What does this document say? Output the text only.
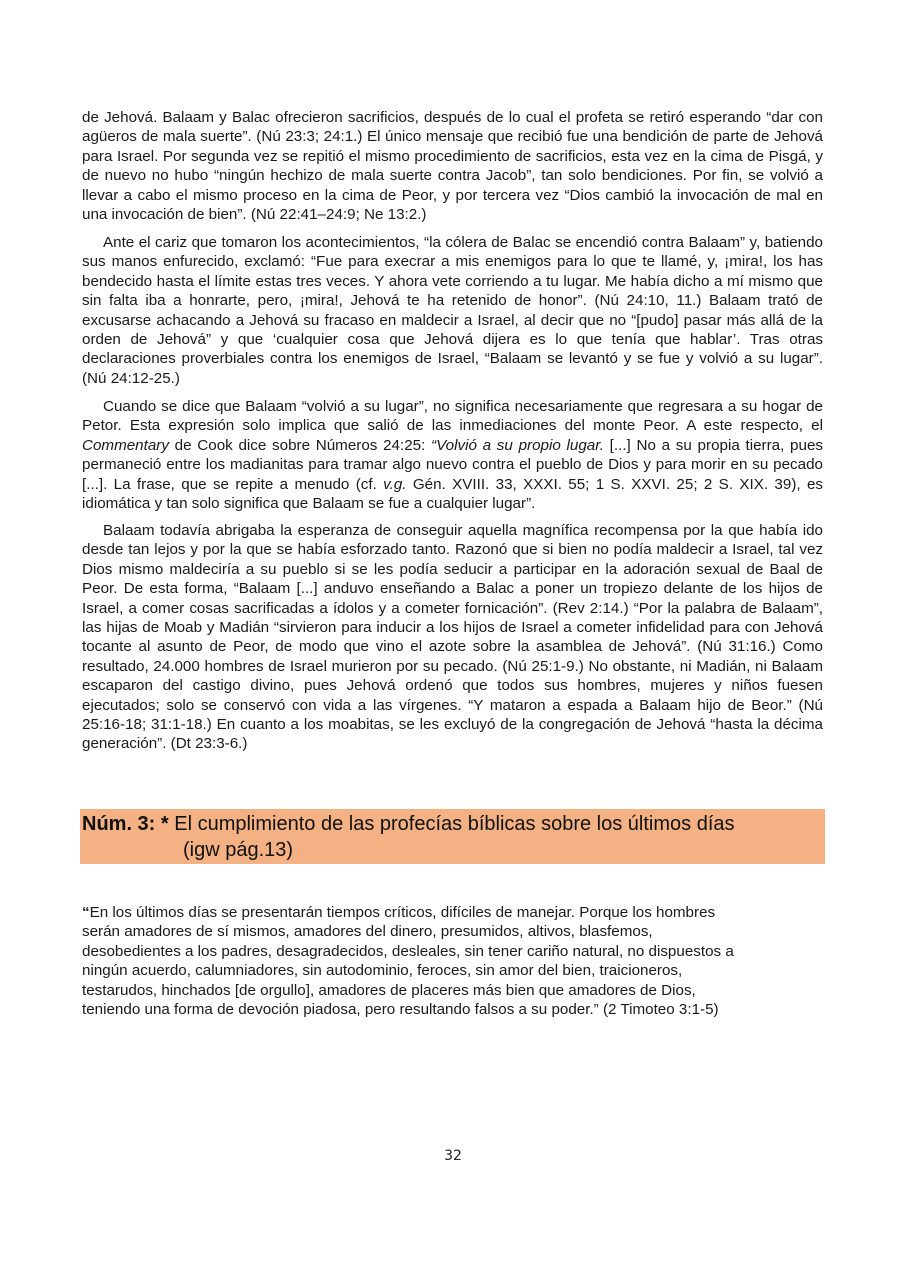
de Jehová. Balaam y Balac ofrecieron sacrificios, después de lo cual el profeta se retiró esperando “dar con agüeros de mala suerte”. (Nú 23:3; 24:1.) El único mensaje que recibió fue una bendición de parte de Jehová para Israel. Por segunda vez se repitió el mismo procedimiento de sacrificios, esta vez en la cima de Pisgá, y de nuevo no hubo “ningún hechizo de mala suerte contra Jacob”, tan solo bendiciones. Por fin, se volvió a llevar a cabo el mismo proceso en la cima de Peor, y por tercera vez “Dios cambió la invocación de mal en una invocación de bien”. (Nú 22:41–24:9; Ne 13:2.)

Ante el cariz que tomaron los acontecimientos, “la cólera de Balac se encendió contra Balaam” y, batiendo sus manos enfurecido, exclamó: “Fue para execrar a mis enemigos para lo que te llamé, y, ¡mira!, los has bendecido hasta el límite estas tres veces. Y ahora vete corriendo a tu lugar. Me había dicho a mí mismo que sin falta iba a honrarte, pero, ¡mira!, Jehová te ha retenido de honor”. (Nú 24:10, 11.) Balaam trató de excusarse achacando a Jehová su fracaso en maldecir a Israel, al decir que no “[pudo] pasar más allá de la orden de Jehová” y que ‘cualquier cosa que Jehová dijera es lo que tenía que hablar’. Tras otras declaraciones proverbiales contra los enemigos de Israel, “Balaam se levantó y se fue y volvió a su lugar”. (Nú 24:12-25.)

Cuando se dice que Balaam “volvió a su lugar”, no significa necesariamente que regresara a su hogar de Petor. Esta expresión solo implica que salió de las inmediaciones del monte Peor. A este respecto, el Commentary de Cook dice sobre Números 24:25: “Volvió a su propio lugar. [...] No a su propia tierra, pues permaneció entre los madianitas para tramar algo nuevo contra el pueblo de Dios y para morir en su pecado [...]. La frase, que se repite a menudo (cf. v.g. Gén. XVIII. 33, XXXI. 55; 1 S. XXVI. 25; 2 S. XIX. 39), es idiomática y tan solo significa que Balaam se fue a cualquier lugar”.

Balaam todavía abrigaba la esperanza de conseguir aquella magnífica recompensa por la que había ido desde tan lejos y por la que se había esforzado tanto. Razonó que si bien no podía maldecir a Israel, tal vez Dios mismo maldeciría a su pueblo si se les podía seducir a participar en la adoración sexual de Baal de Peor. De esta forma, “Balaam [...] anduvo enseñando a Balac a poner un tropiezo delante de los hijos de Israel, a comer cosas sacrificadas a ídolos y a cometer fornicación”. (Rev 2:14.) “Por la palabra de Balaam”, las hijas de Moab y Madián “sirvieron para inducir a los hijos de Israel a cometer infidelidad para con Jehová tocante al asunto de Peor, de modo que vino el azote sobre la asamblea de Jehová”. (Nú 31:16.) Como resultado, 24.000 hombres de Israel murieron por su pecado. (Nú 25:1-9.) No obstante, ni Madián, ni Balaam escaparon del castigo divino, pues Jehová ordenó que todos sus hombres, mujeres y niños fuesen ejecutados; solo se conservó con vida a las vírgenes. “Y mataron a espada a Balaam hijo de Beor.” (Nú 25:16-18; 31:1-18.) En cuanto a los moabitas, se les excluyó de la congregación de Jehová “hasta la décima generación”. (Dt 23:3-6.)

Núm. 3: * El cumplimiento de las profecías bíblicas sobre los últimos días
(igw pág.13)
“En los últimos días se presentarán tiempos críticos, difíciles de manejar. Porque los hombres
serán amadores de sí mismos, amadores del dinero, presumidos, altivos, blasfemos,
desobedientes a los padres, desagradecidos, desleales, sin tener cariño natural, no dispuestos a
ningún acuerdo, calumniadores, sin autodominio, feroces, sin amor del bien, traicioneros,
testarudos, hinchados [de orgullo], amadores de placeres más bien que amadores de Dios,
teniendo una forma de devoción piadosa, pero resultando falsos a su poder.” (2 Timoteo 3:1-5)
32
